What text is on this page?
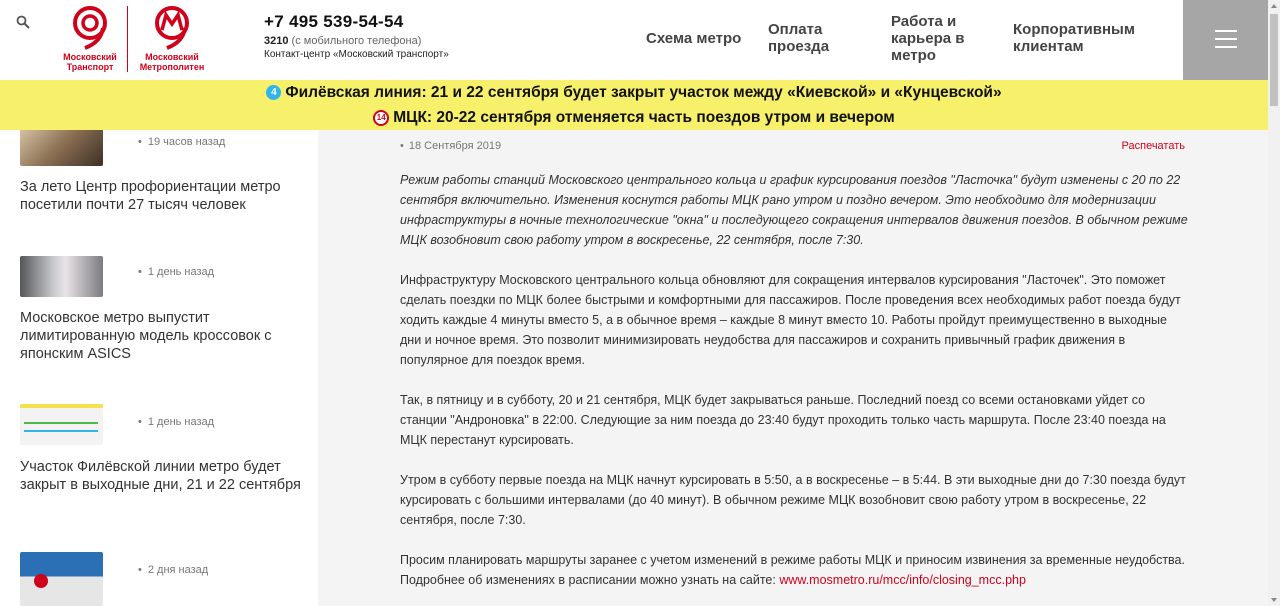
Московский Транспорт
Московский Метрополитен
+7 495 539-54-54
3210 (с мобильного телефона)
Контакт-центр «Московский транспорт»
Схема метро
Оплата проезда
Работа и карьера в метро
Корпоративным клиентам
4 Филёвская линия: 21 и 22 сентября будет закрыт участок между «Киевской» и «Кунцевской»
14 МЦК: 20-22 сентября отменяется часть поездов утром и вечером
• 19 часов назад
За лето Центр профориентации метро посетили почти 27 тысяч человек
• 1 день назад
Московское метро выпустит лимитированную модель кроссовок с японским ASICS
• 1 день назад
Участок Филёвской линии метро будет закрыт в выходные дни, 21 и 22 сентября
• 2 дня назад
• 18 Сентября 2019	Распечатать

Режим работы станций Московского центрального кольца и график курсирования поездов "Ласточка" будут изменены с 20 по 22 сентября включительно. Изменения коснутся работы МЦК рано утром и поздно вечером. Это необходимо для модернизации инфраструктуры в ночные технологические "окна" и последующего сокращения интервалов движения поездов. В обычном режиме МЦК возобновит свою работу утром в воскресенье, 22 сентября, после 7:30.

Инфраструктуру Московского центрального кольца обновляют для сокращения интервалов курсирования "Ласточек". Это поможет сделать поездки по МЦК более быстрыми и комфортными для пассажиров. После проведения всех необходимых работ поезда будут ходить каждые 4 минуты вместо 5, а в обычное время – каждые 8 минут вместо 10. Работы пройдут преимущественно в выходные дни и ночное время. Это позволит минимизировать неудобства для пассажиров и сохранить привычный график движения в популярное для поездок время.

Так, в пятницу и в субботу, 20 и 21 сентября, МЦК будет закрываться раньше. Последний поезд со всеми остановками уйдет со станции "Андроновка" в 22:00. Следующие за ним поезда до 23:40 будут проходить только часть маршрута. После 23:40 поезда на МЦК перестанут курсировать.

Утром в субботу первые поезда на МЦК начнут курсировать в 5:50, а в воскресенье – в 5:44. В эти выходные дни до 7:30 поезда будут курсировать с большими интервалами (до 40 минут). В обычном режиме МЦК возобновит свою работу утром в воскресенье, 22 сентября, после 7:30.

Просим планировать маршруты заранее с учетом изменений в режиме работы МЦК и приносим извинения за временные неудобства. Подробнее об изменениях в расписании можно узнать на сайте: www.mosmetro.ru/mcc/info/closing_mcc.php
